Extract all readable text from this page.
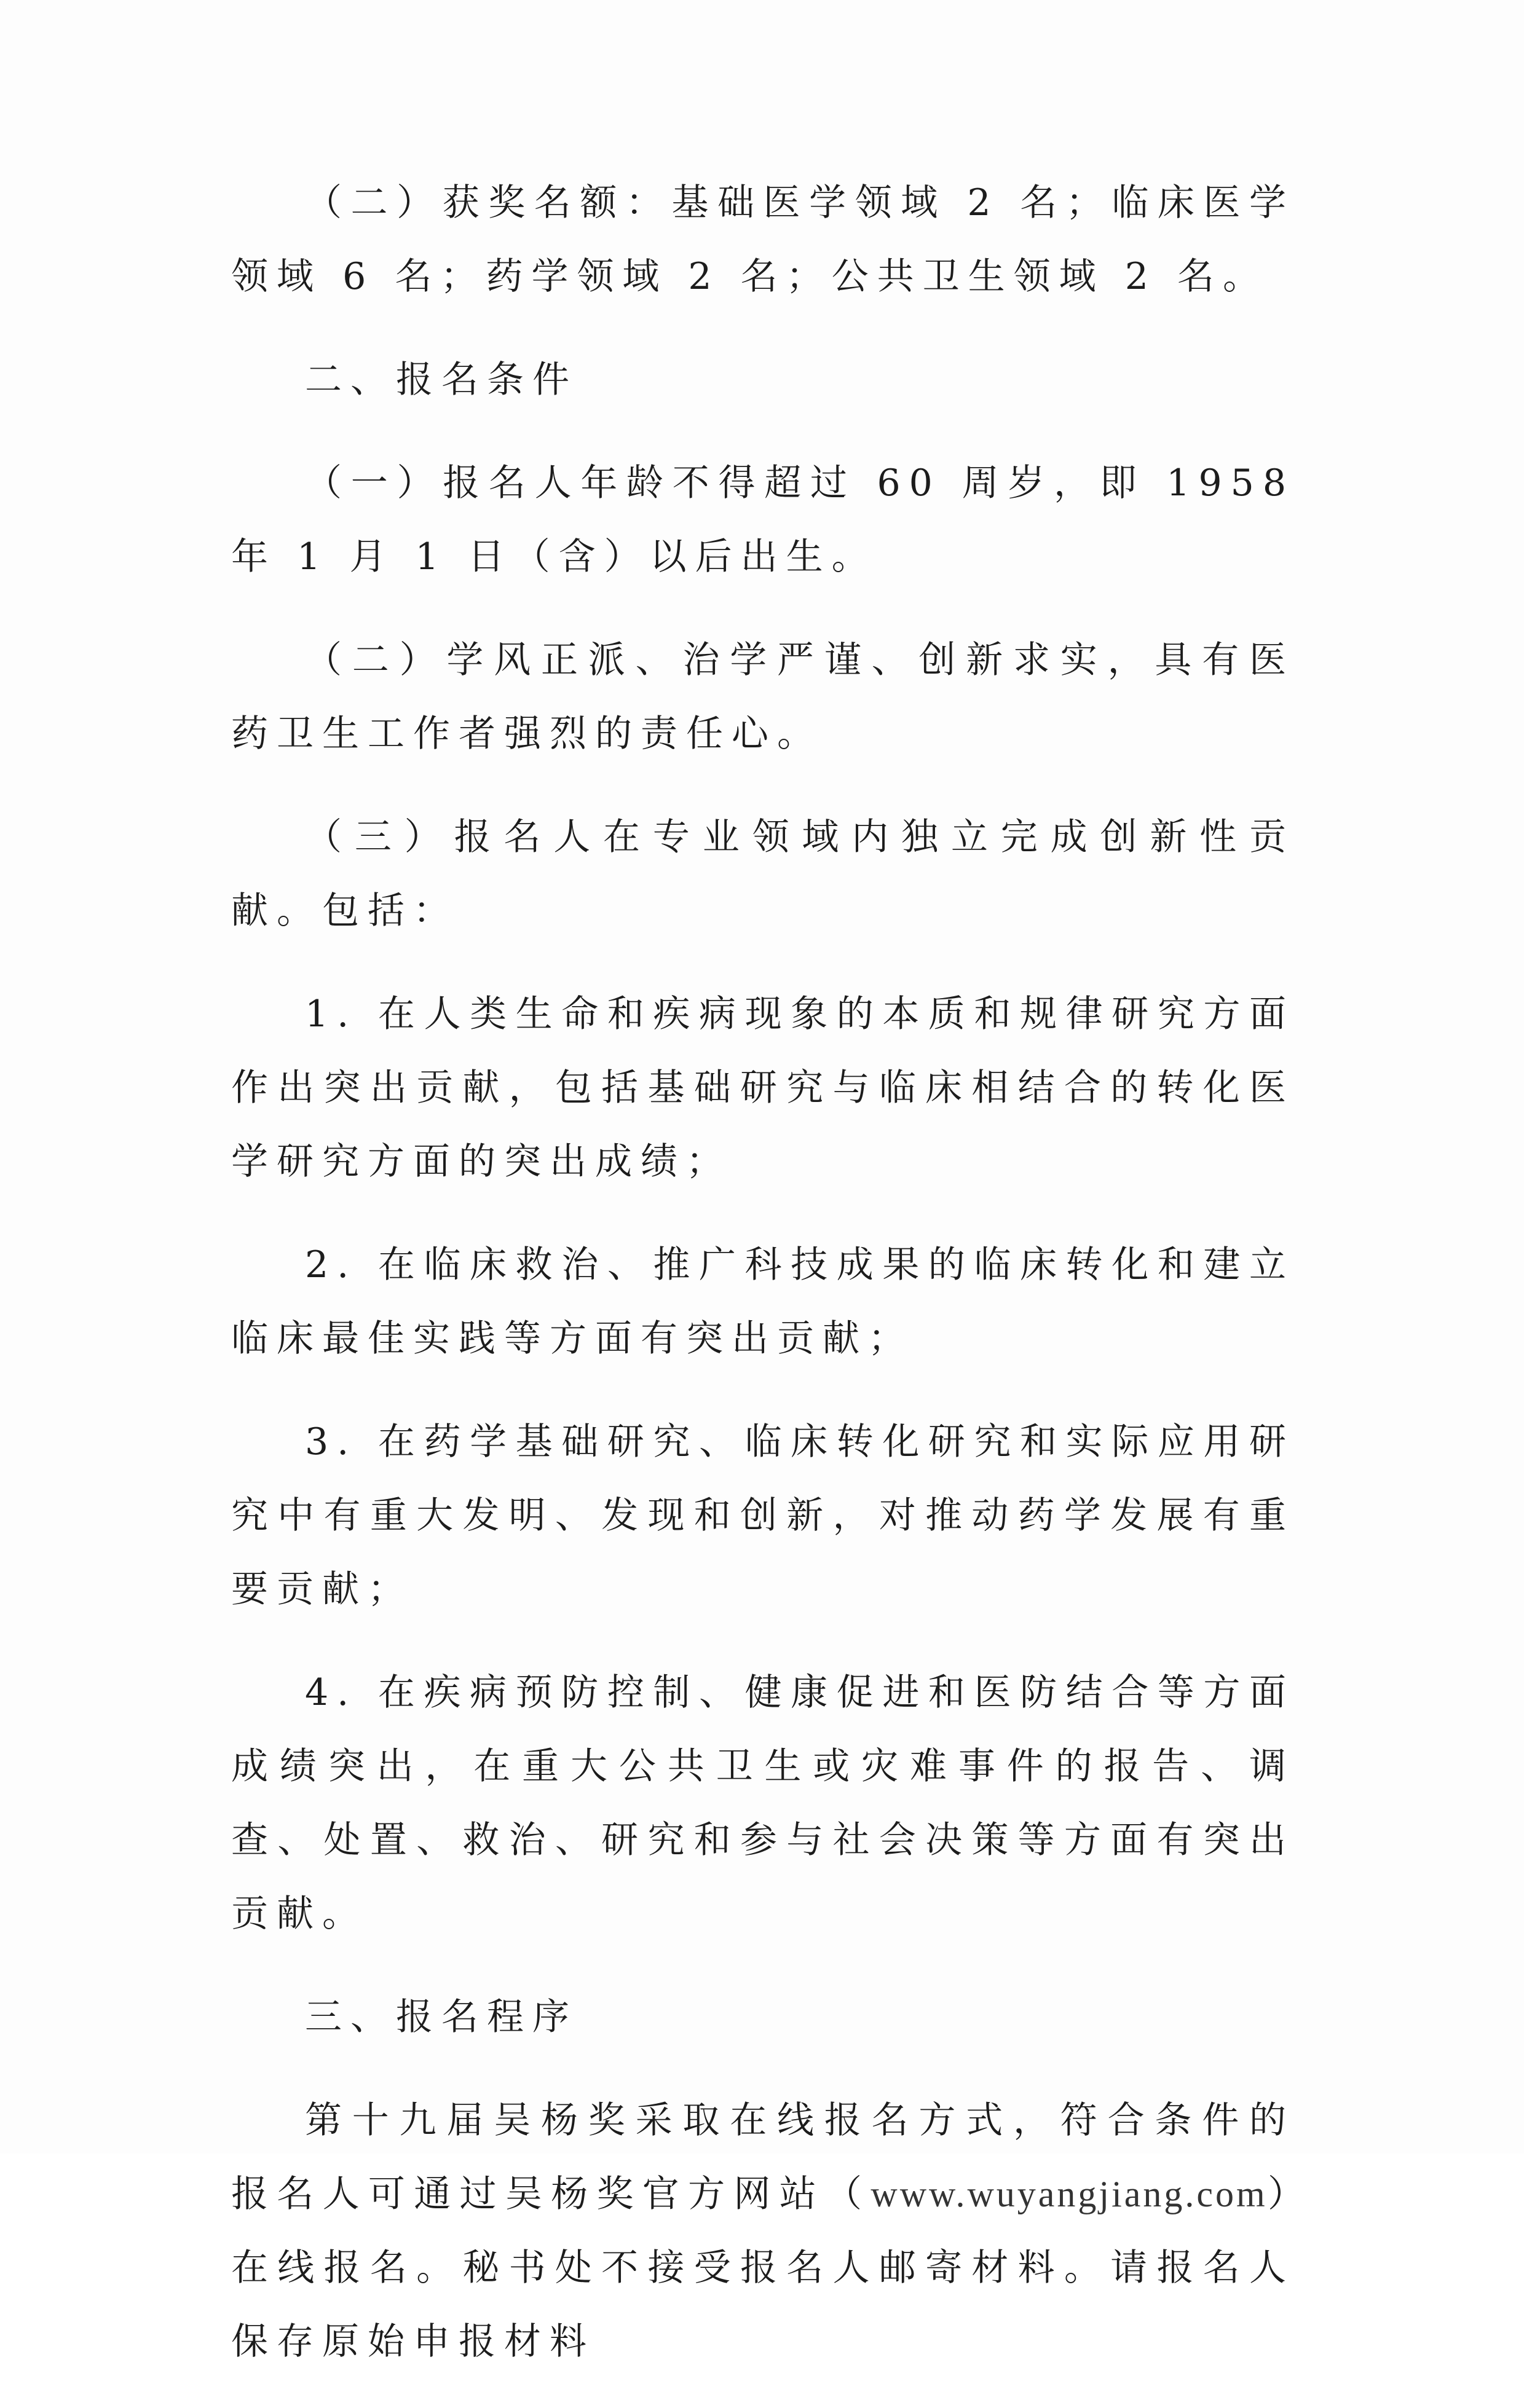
（二）获奖名额：基础医学领域 2 名；临床医学领域 6 名；药学领域 2 名；公共卫生领域 2 名。

二、报名条件

（一）报名人年龄不得超过 60 周岁，即 1958 年 1 月 1 日（含）以后出生。

（二）学风正派、治学严谨、创新求实，具有医药卫生工作者强烈的责任心。

（三）报名人在专业领域内独立完成创新性贡献。包括：

1. 在人类生命和疾病现象的本质和规律研究方面作出突出贡献，包括基础研究与临床相结合的转化医学研究方面的突出成绩；

2. 在临床救治、推广科技成果的临床转化和建立临床最佳实践等方面有突出贡献；

3. 在药学基础研究、临床转化研究和实际应用研究中有重大发明、发现和创新，对推动药学发展有重要贡献；

4. 在疾病预防控制、健康促进和医防结合等方面成绩突出，在重大公共卫生或灾难事件的报告、调查、处置、救治、研究和参与社会决策等方面有突出贡献。

三、报名程序

第十九届吴杨奖采取在线报名方式，符合条件的报名人可通过吴杨奖官方网站（www.wuyangjiang.com）在线报名。秘书处不接受报名人邮寄材料。请报名人保存原始申报材料
